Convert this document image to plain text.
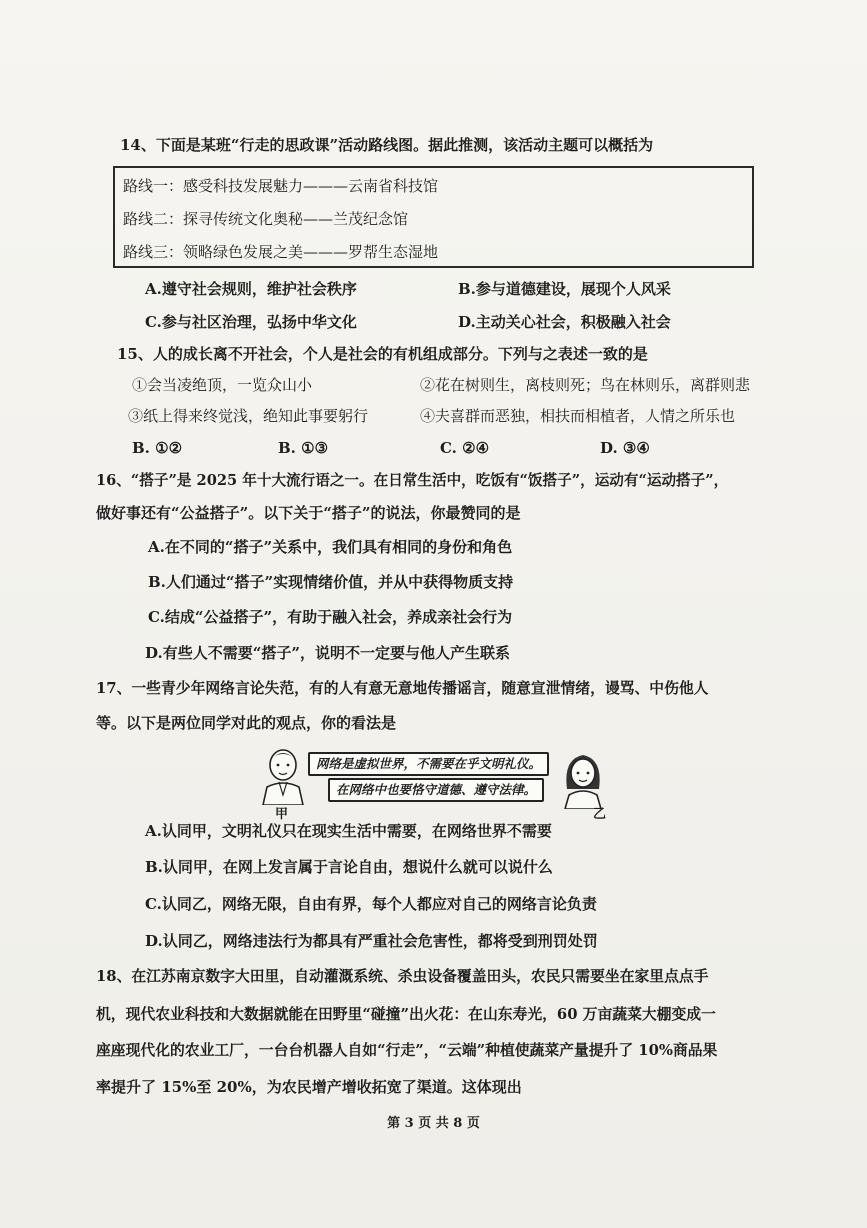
14、下面是某班“行走的思政课”活动路线图。据此推测，该活动主题可以概括为
路线一：感受科技发展魅力———云南省科技馆
路线二：探寻传统文化奥秘——兰茂纪念馆
路线三：领略绿色发展之美———罗帮生态湿地
A.遵守社会规则，维护社会秩序	B.参与道德建设，展现个人风采
C.参与社区治理，弘扬中华文化	D.主动关心社会，积极融入社会
15、人的成长离不开社会，个人是社会的有机组成部分。下列与之表述一致的是
①会当凌绝顶，一览众山小	②花在树则生，离枝则死；鸟在林则乐，离群则悲
③纸上得来终觉浅，绝知此事要躬行	④夫喜群而恶独，相扶而相植者，人情之所乐也
B. ①②	B. ①③	C. ②④	D. ③④
16、“搭子”是 2025 年十大流行语之一。在日常生活中，吃饭有“饭搭子”，运动有“运动搭子”，
做好事还有“公益搭子”。以下关于“搭子”的说法，你最赞同的是
A.在不同的“搭子”关系中，我们具有相同的身份和角色
B.人们通过“搭子”实现情绪价值，并从中获得物质支持
C.结成“公益搭子”，有助于融入社会，养成亲社会行为
D.有些人不需要“搭子”，说明不一定要与他人产生联系
17、一些青少年网络言论失范，有的人有意无意地传播谣言，随意宣泄情绪，谩骂、中伤他人
等。以下是两位同学对此的观点，你的看法是
甲
网络是虚拟世界，不需要在乎文明礼仪。
在网络中也要恪守道德、遵守法律。
乙
A.认同甲，文明礼仪只在现实生活中需要，在网络世界不需要
B.认同甲，在网上发言属于言论自由，想说什么就可以说什么
C.认同乙，网络无限，自由有界，每个人都应对自己的网络言论负责
D.认同乙，网络违法行为都具有严重社会危害性，都将受到刑罚处罚
18、在江苏南京数字大田里，自动灌溉系统、杀虫设备覆盖田头，农民只需要坐在家里点点手
机，现代农业科技和大数据就能在田野里“碰撞”出火花：在山东寿光，60 万亩蔬菜大棚变成一
座座现代化的农业工厂，一台台机器人自如“行走”，“云端”种植使蔬菜产量提升了 10%商品果
率提升了 15%至 20%，为农民增产增收拓宽了渠道。这体现出
第 3 页 共 8 页
